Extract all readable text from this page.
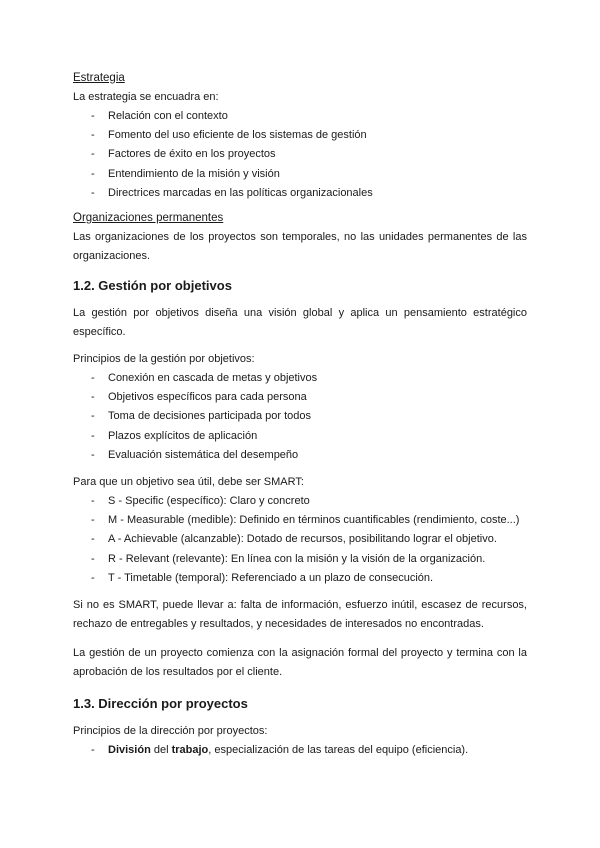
Estrategia

La estrategia se encuadra en:

- Relación con el contexto
- Fomento del uso eficiente de los sistemas de gestión
- Factores de éxito en los proyectos
- Entendimiento de la misión y visión
- Directrices marcadas en las políticas organizacionales

Organizaciones permanentes

Las organizaciones de los proyectos son temporales, no las unidades permanentes de las organizaciones.

1.2. Gestión por objetivos

La gestión por objetivos diseña una visión global y aplica un pensamiento estratégico específico.

Principios de la gestión por objetivos:

- Conexión en cascada de metas y objetivos
- Objetivos específicos para cada persona
- Toma de decisiones participada por todos
- Plazos explícitos de aplicación
- Evaluación sistemática del desempeño

Para que un objetivo sea útil, debe ser SMART:

- S - Specific (específico): Claro y concreto
- M - Measurable (medible): Definido en términos cuantificables (rendimiento, coste...)
- A - Achievable (alcanzable): Dotado de recursos, posibilitando lograr el objetivo.
- R - Relevant (relevante): En línea con la misión y la visión de la organización.
- T - Timetable (temporal): Referenciado a un plazo de consecución.

Si no es SMART, puede llevar a: falta de información, esfuerzo inútil, escasez de recursos, rechazo de entregables y resultados, y necesidades de interesados no encontradas.

La gestión de un proyecto comienza con la asignación formal del proyecto y termina con la aprobación de los resultados por el cliente.

1.3. Dirección por proyectos

Principios de la dirección por proyectos:

- División del trabajo, especialización de las tareas del equipo (eficiencia).
